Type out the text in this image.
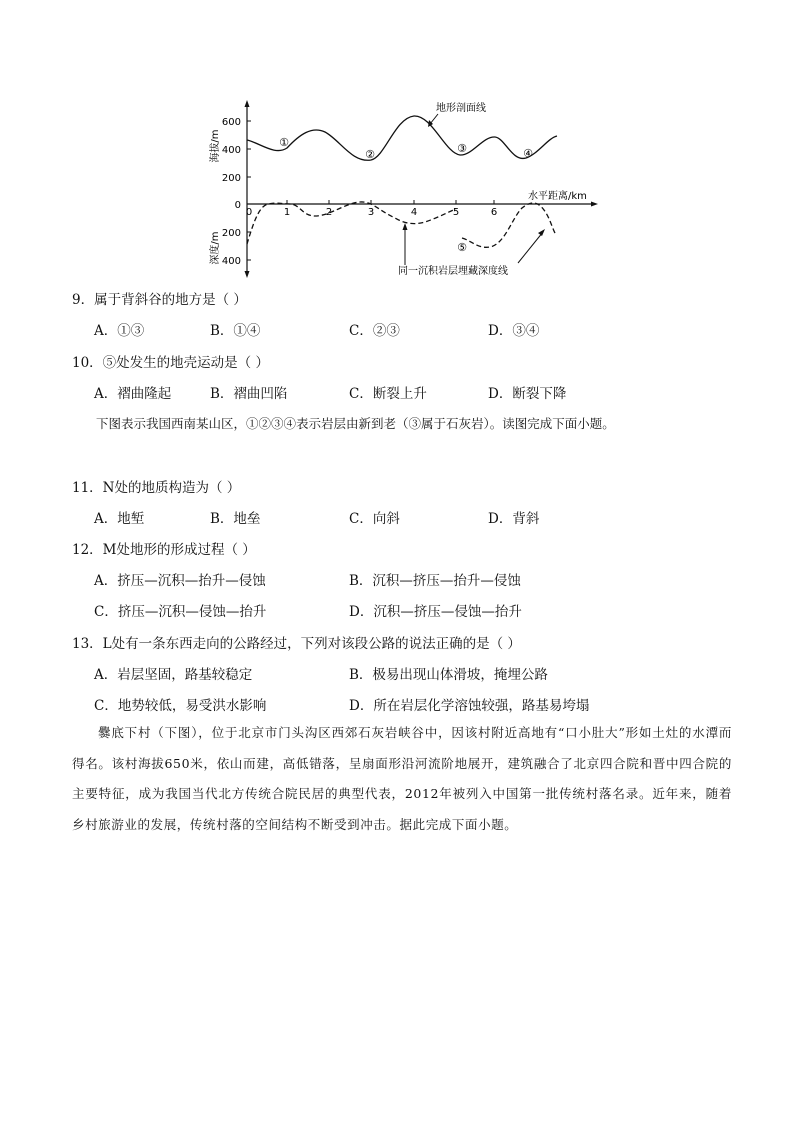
600
400
200
0
200
400
海拔/m
深度/m
0	1	2	3	4	5	6
水平距离/km
地形剖面线
同一沉积岩层埋藏深度线
①
②	③	④
⑤
9．属于背斜谷的地方是（ ）
A．①③	B．①④	C．②③	D．③④
10．⑤处发生的地壳运动是（ ）
A．褶曲隆起	B．褶曲凹陷	C．断裂上升	D．断裂下降
下图表示我国西南某山区，①②③④表示岩层由新到老（③属于石灰岩）。读图完成下面小题。
11．N处的地质构造为（ ）
A．地堑	B．地垒	C．向斜	D．背斜
12．M处地形的形成过程（ ）
A．挤压—沉积—抬升—侵蚀	B．沉积—挤压—抬升—侵蚀
C．挤压—沉积—侵蚀—抬升	D．沉积—挤压—侵蚀—抬升
13．L处有一条东西走向的公路经过，下列对该段公路的说法正确的是（ ）
A．岩层坚固，路基较稳定	B．极易出现山体滑坡，掩埋公路
C．地势较低，易受洪水影响	D．所在岩层化学溶蚀较强，路基易垮塌
爨底下村（下图），位于北京市门头沟区西郊石灰岩峡谷中，因该村附近高地有“口小肚大”形如土灶的水潭而得名。该村海拔650米，依山而建，高低错落，呈扇面形沿河流阶地展开，建筑融合了北京四合院和晋中四合院的主要特征，成为我国当代北方传统合院民居的典型代表，2012年被列入中国第一批传统村落名录。近年来，随着乡村旅游业的发展，传统村落的空间结构不断受到冲击。据此完成下面小题。
